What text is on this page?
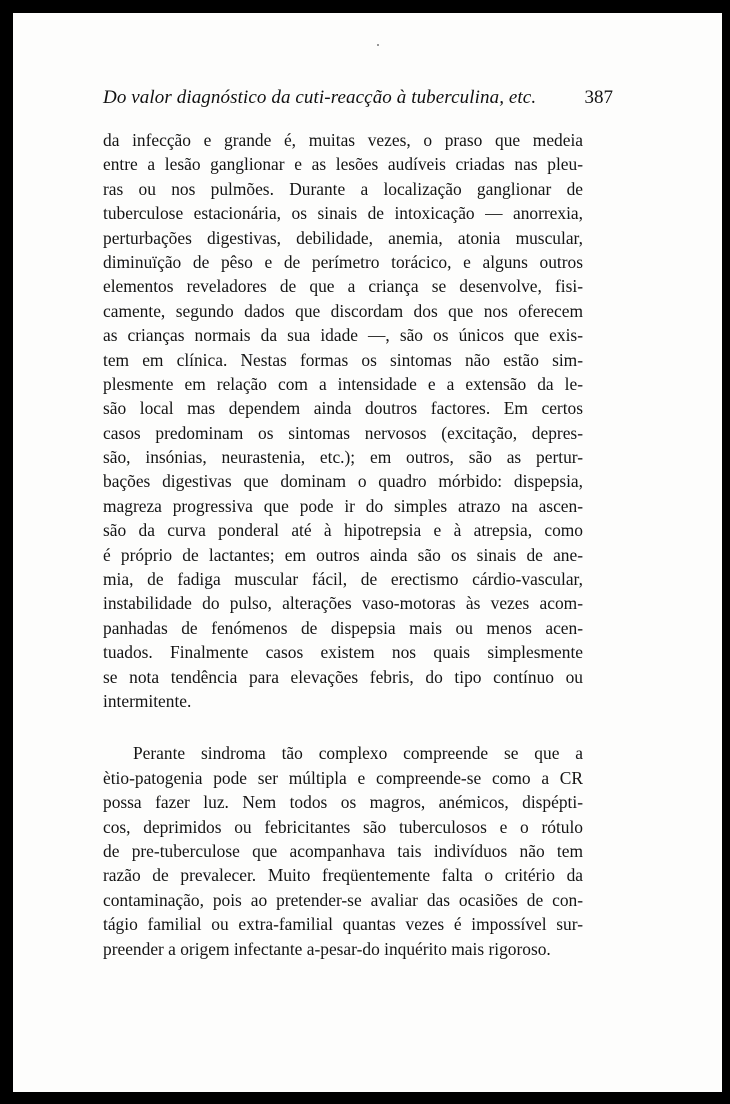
Do valor diagnóstico da cuti-reacção à tuberculina, etc.	387
da infecção e grande é, muitas vezes, o praso que medeia
entre a lesão ganglionar e as lesões audíveis criadas nas pleu-
ras ou nos pulmões. Durante a localização ganglionar de
tuberculose estacionária, os sinais de intoxicação — anorrexia,
perturbações digestivas, debilidade, anemia, atonia muscular,
diminuïção de pêso e de perímetro torácico, e alguns outros
elementos reveladores de que a criança se desenvolve, fisi-
camente, segundo dados que discordam dos que nos oferecem
as crianças normais da sua idade —, são os únicos que exis-
tem em clínica. Nestas formas os sintomas não estão sim-
plesmente em relação com a intensidade e a extensão da le-
são local mas dependem ainda doutros factores. Em certos
casos predominam os sintomas nervosos (excitação, depres-
são, insónias, neurastenia, etc.); em outros, são as pertur-
bações digestivas que dominam o quadro mórbido: dispepsia,
magreza progressiva que pode ir do simples atrazo na ascen-
são da curva ponderal até à hipotrepsia e à atrepsia, como
é próprio de lactantes; em outros ainda são os sinais de ane-
mia, de fadiga muscular fácil, de erectismo cárdio-vascular,
instabilidade do pulso, alterações vaso-motoras às vezes acom-
panhadas de fenómenos de dispepsia mais ou menos acen-
tuados. Finalmente casos existem nos quais simplesmente
se nota tendência para elevações febris, do tipo contínuo ou
intermitente.
Perante sindroma tão complexo compreende se que a
ètio-patogenia pode ser múltipla e compreende-se como a CR
possa fazer luz. Nem todos os magros, anémicos, dispépti-
cos, deprimidos ou febricitantes são tuberculosos e o rótulo
de pre-tuberculose que acompanhava tais indivíduos não tem
razão de prevalecer. Muito freqüentemente falta o critério da
contaminação, pois ao pretender-se avaliar das ocasiões de con-
tágio familial ou extra-familial quantas vezes é impossível sur-
preender a origem infectante a-pesar-do inquérito mais rigoroso.
